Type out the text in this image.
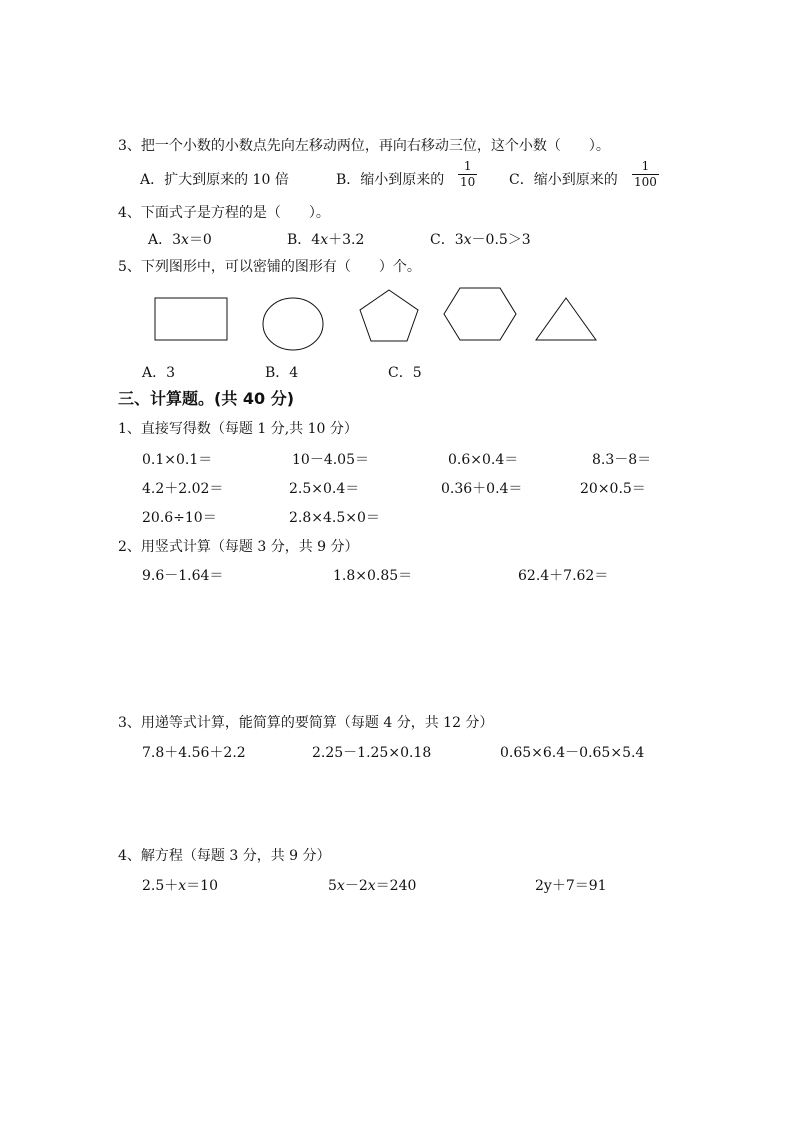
3、把一个小数的小数点先向左移动两位，再向右移动三位，这个小数（　　）。
A．扩大到原来的 10 倍	B．缩小到原来的
1
10 C．缩小到原来的
1
100
4、下面式子是方程的是（　　）。
A．3x＝0	B．4x＋3.2	C．3x－0.5＞3
5、下列图形中，可以密铺的图形有（　　）个。
A．3	B．4	C．5
三、计算题。(共 40 分)
1、直接写得数（每题 1 分,共 10 分）
0.1×0.1＝	10－4.05＝	0.6×0.4＝	8.3－8＝
4.2＋2.02＝	2.5×0.4＝	0.36＋0.4＝	20×0.5＝
20.6÷10＝	2.8×4.5×0＝
2、用竖式计算（每题 3 分，共 9 分）
9.6－1.64＝	1.8×0.85＝	62.4＋7.62＝
3、用递等式计算，能简算的要简算（每题 4 分，共 12 分）
7.8＋4.56＋2.2	2.25－1.25×0.18	0.65×6.4－0.65×5.4
4、解方程（每题 3 分，共 9 分）
2.5＋x＝10	5x－2x＝240	2y＋7＝91
